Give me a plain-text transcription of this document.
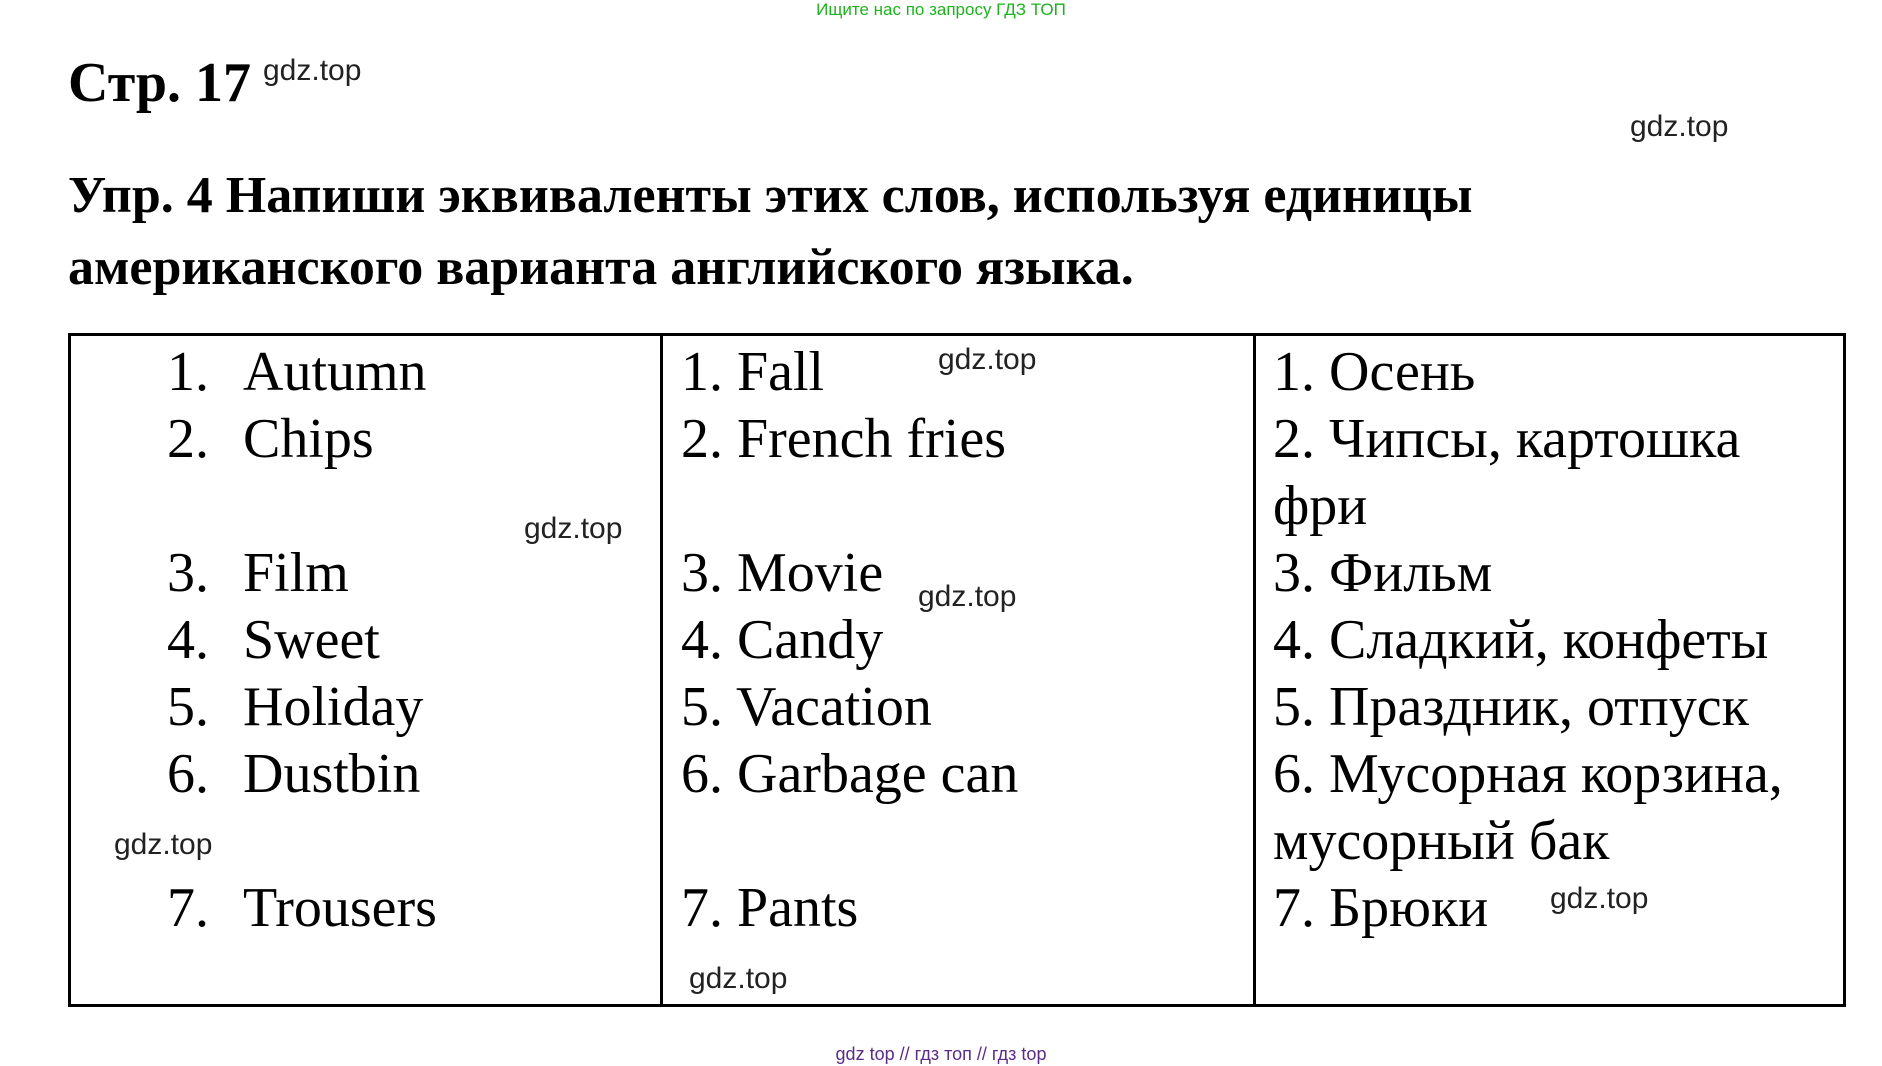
Ищите нас по запросу ГДЗ ТОП
Стр. 17 gdz.top
gdz.top
Упр. 4 Напиши эквиваленты этих слов, используя единицы
американского варианта английского языка.
1. Autumn
2. Chips
3. Film
4. Sweet
5. Holiday
6. Dustbin
7. Trousers
1. Fall
2. French fries
3. Movie
4. Candy
5. Vacation
6. Garbage can
7. Pants
1. Осень
2. Чипсы, картошка
фри
3. Фильм
4. Сладкий, конфеты
5. Праздник, отпуск
6. Мусорная корзина,
мусорный бак
7. Брюки
gdz.top
gdz.top
gdz.top
gdz.top
gdz.top
gdz.top
gdz top // гдз топ // гдз top
